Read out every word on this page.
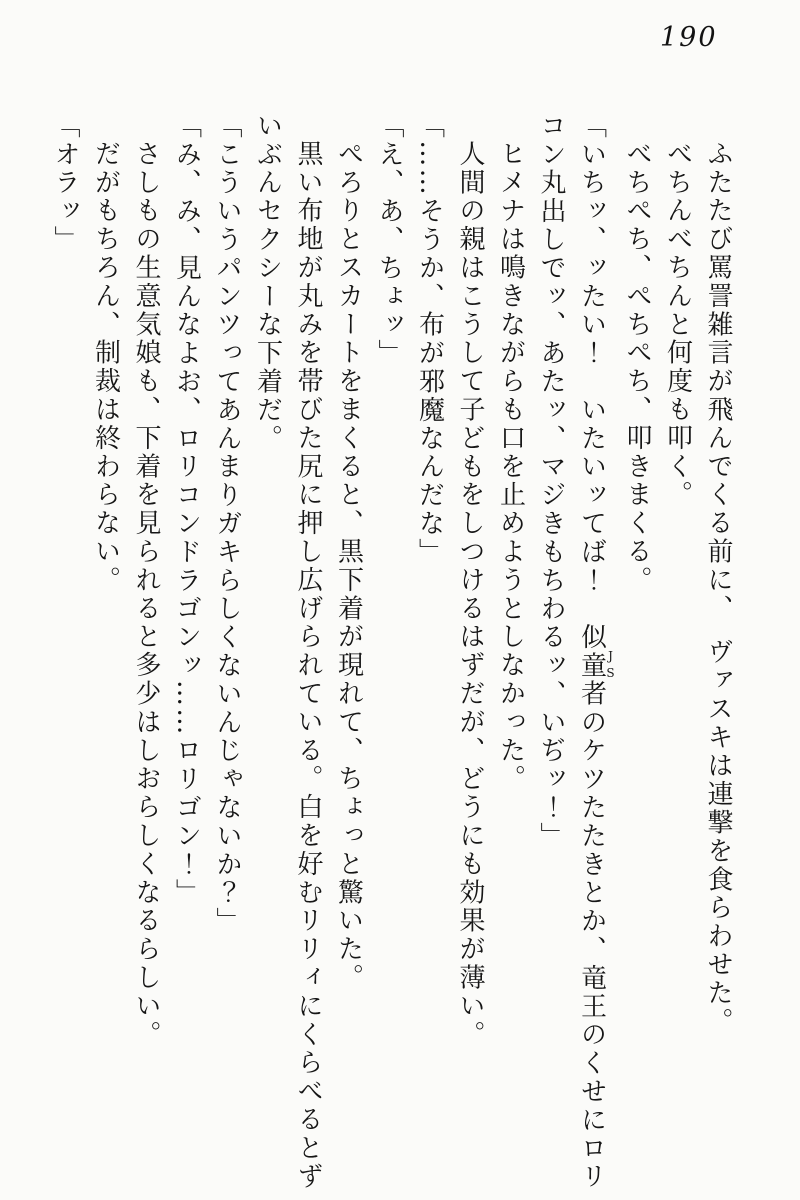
190

ふたたび罵詈雑言が飛んでくる前に、　ヴァスキは連撃を食らわせた。

べちんべちんと何度も叩く。

べちぺち、ぺちぺち、叩きまくる。

「いちッ、ッたい！　いたいッてば！　似童者JSのケツたたきとか、竜王のくせにロリコン丸出しでッ、あたッ、マジきもちわるッ、いぢッ！」

ヒメナは鳴きながらも口を止めようとしなかった。

人間の親はこうして子どもをしつけるはずだが、どうにも効果が薄い。

「……そうか、布が邪魔なんだな」

「え、あ、ちょッ」

ぺろりとスカートをまくると、黒下着が現れて、ちょっと驚いた。

黒い布地が丸みを帯びた尻に押し広げられている。白を好むリリィにくらべるとずいぶんセクシーな下着だ。

「こういうパンツってあんまりガキらしくないんじゃないか？」

「み、み、見んなよお、ロリコンドラゴンッ……ロリゴン！」

さしもの生意気娘も、下着を見られると多少はしおらしくなるらしい。

だがもちろん、制裁は終わらない。

「オラッ」
